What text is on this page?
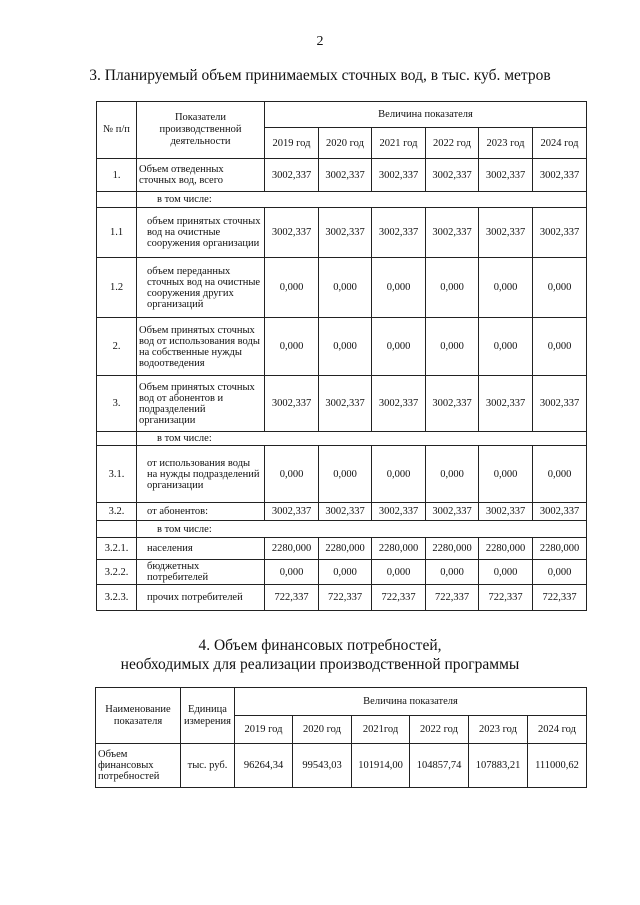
2
3. Планируемый объем принимаемых сточных вод, в тыс. куб. метров
№ п/п	Показатели производственной деятельности	Величина показателя					
		2019 год	2020 год	2021 год	2022 год	2023 год	2024 год
1.	Объем отведенных сточных вод, всего	3002,337	3002,337	3002,337	3002,337	3002,337	3002,337
	в том числе:						
1.1	объем принятых сточных вод на очистные сооружения организации	3002,337	3002,337	3002,337	3002,337	3002,337	3002,337
1.2	объем переданных сточных вод на очистные сооружения других организаций	0,000	0,000	0,000	0,000	0,000	0,000
2.	Объем принятых сточных вод от использования воды на собственные нужды водоотведения	0,000	0,000	0,000	0,000	0,000	0,000
3.	Объем принятых сточных вод от абонентов и подразделений организации	3002,337	3002,337	3002,337	3002,337	3002,337	3002,337
	в том числе:						
3.1.	от использования воды на нужды подразделений организации	0,000	0,000	0,000	0,000	0,000	0,000
3.2.	от абонентов:	3002,337	3002,337	3002,337	3002,337	3002,337	3002,337
	в том числе:						
3.2.1.	населения	2280,000	2280,000	2280,000	2280,000	2280,000	2280,000
3.2.2.	бюджетных потребителей	0,000	0,000	0,000	0,000	0,000	0,000
3.2.3.	прочих потребителей	722,337	722,337	722,337	722,337	722,337	722,337
4. Объем финансовых потребностей,
необходимых для реализации производственной программы
Наименование показателя	Единица измерения	Величина показателя					
		2019 год	2020 год	2021год	2022 год	2023 год	2024 год
Объем финансовых потребностей	тыс. руб.	96264,34	99543,03	101914,00	104857,74	107883,21	111000,62
